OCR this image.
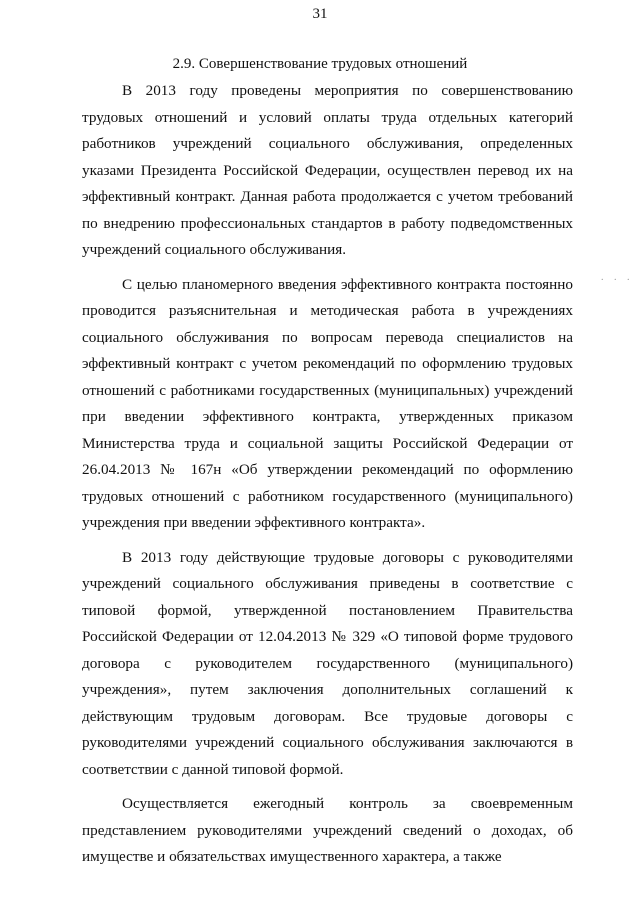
31
2.9. Совершенствование трудовых отношений

В 2013 году проведены мероприятия по совершенствованию трудовых отношений и условий оплаты труда отдельных категорий работников учреждений социального обслуживания, определенных указами Президента Российской Федерации, осуществлен перевод их на эффективный контракт. Данная работа продолжается с учетом требований по внедрению профессиональных стандартов в работу подведомственных учреждений социального обслуживания.

С целью планомерного введения эффективного контракта постоянно проводится разъяснительная и методическая работа в учреждениях социального обслуживания по вопросам перевода специалистов на эффективный контракт с учетом рекомендаций по оформлению трудовых отношений с работниками государственных (муниципальных) учреждений при введении эффективного контракта, утвержденных приказом Министерства труда и социальной защиты Российской Федерации от 26.04.2013 № 167н «Об утверждении рекомендаций по оформлению трудовых отношений с работником государственного (муниципального) учреждения при введении эффективного контракта».

В 2013 году действующие трудовые договоры с руководителями учреждений социального обслуживания приведены в соответствие с типовой формой, утвержденной постановлением Правительства Российской Федерации от 12.04.2013 № 329 «О типовой форме трудового договора с руководителем государственного (муниципального) учреждения», путем заключения дополнительных соглашений к действующим трудовым договорам. Все трудовые договоры с руководителями учреждений социального обслуживания заключаются в соответствии с данной типовой формой.

Осуществляется ежегодный контроль за своевременным представлением руководителями учреждений сведений о доходах, об имуществе и обязательствах имущественного характера, а также

. . .
